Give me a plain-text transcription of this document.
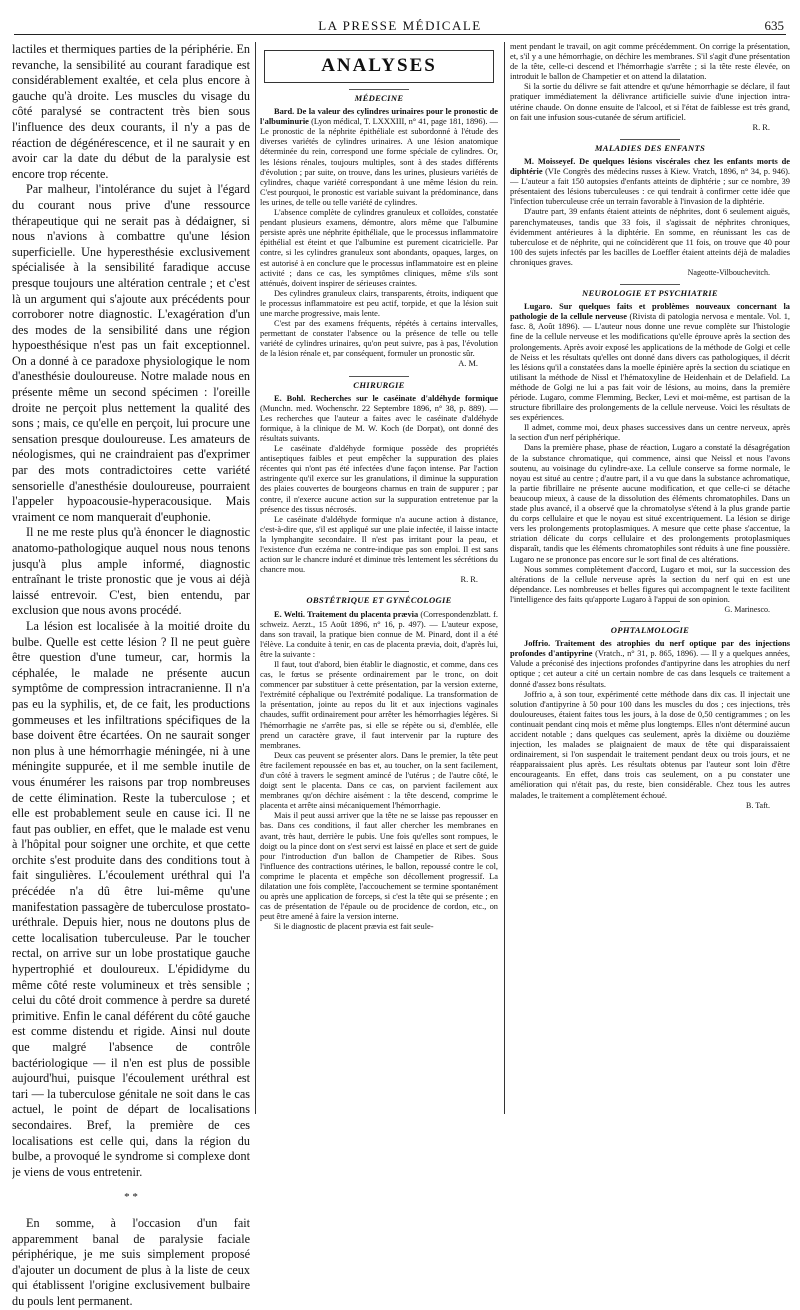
LA PRESSE MÉDICALE	635

lactiles et thermiques parties de la périphérie. En revanche, la sensibilité au courant faradique est considérablement exaltée, et cela plus encore à gauche qu'à droite. Les muscles du visage du côté paralysé se contractent très bien sous l'influence des deux courants, il n'y a pas de réaction de dégénérescence, et il ne saurait y en avoir car la date du début de la paralysie est encore trop récente.

Par malheur, l'intolérance du sujet à l'égard du courant nous prive d'une ressource thérapeutique qui ne serait pas à dédaigner, si nous n'avions à combattre qu'une lésion superficielle. Une hyperesthésie exclusivement spécialisée à la sensibilité faradique accuse presque toujours une altération centrale ; et c'est là un argument qui s'ajoute aux précédents pour corroborer notre diagnostic. L'exagération d'un des modes de la sensibilité dans une région hypoesthésique n'est pas un fait exceptionnel. On a donné à ce paradoxe physiologique le nom d'anesthésie douloureuse. Notre malade nous en présente même un second spécimen : l'oreille droite ne perçoit plus nettement la qualité des sons ; mais, ce qu'elle en perçoit, lui procure une sensation presque douloureuse. Les amateurs de néologismes, qui ne craindraient pas d'exprimer par des mots contradictoires cette variété sensorielle d'anesthésie douloureuse, pourraient l'appeler hypoacousie-hyperacousique. Mais vraiment ce nom manquerait d'euphonie.

Il ne me reste plus qu'à énoncer le diagnostic anatomo-pathologique auquel nous nous tenons jusqu'à plus ample informé, diagnostic entraînant le triste pronostic que je vous ai déjà laissé entrevoir. C'est, bien entendu, par exclusion que nous avons procédé.

La lésion est localisée à la moitié droite du bulbe. Quelle est cette lésion ? Il ne peut guère être question d'une tumeur, car, hormis la céphalée, le malade ne présente aucun symptôme de compression intracranienne. Il n'a pas eu la syphilis, et, de ce fait, les productions gommeuses et les infiltrations spécifiques de la base doivent être écartées. On ne saurait songer non plus à une hémorrhagie méningée, ni à une méningite suppurée, et il me semble inutile de vous énumérer les raisons par trop nombreuses de cette élimination. Reste la tuberculose ; et elle est probablement seule en cause ici. Il ne faut pas oublier, en effet, que le malade est venu à l'hôpital pour soigner une orchite, et que cette orchite s'est produite dans des conditions tout à fait singulières. L'écoulement uréthral qui l'a précédée n'a dû être lui-même qu'une manifestation passagère de tuberculose prostato-uréthrale. Depuis hier, nous ne doutons plus de cette localisation tuberculeuse. Par le toucher rectal, on arrive sur un lobe prostatique gauche hypertrophié et douloureux. L'épididyme du même côté reste volumineux et très sensible ; celui du côté droit commence à perdre sa dureté primitive. Enfin le canal déférent du côté gauche est comme distendu et rigide. Ainsi nul doute que malgré l'absence de contrôle bactériologique — il n'en est plus de possible aujourd'hui, puisque l'écoulement uréthral est tari — la tuberculose génitale ne soit dans le cas actuel, le point de départ de localisations secondaires. Bref, la première de ces localisations est celle qui, dans la région du bulbe, a provoqué le syndrome si complexe dont je viens de vous entretenir.

* *

En somme, à l'occasion d'un fait apparemment banal de paralysie faciale périphérique, je me suis simplement proposé d'ajouter un document de plus à la liste de ceux qui établissent l'origine exclusivement bulbaire du pouls lent permanent.

ANALYSES
MÉDECINE

Bard. De la valeur des cylindres urinaires pour le pronostic de l'albuminurie (Lyon médical, T. LXXXIII, n° 41, page 181, 1896). — Le pronostic de la néphrite épithéliale est subordonné à l'étude des diverses variétés de cylindres urinaires. A une lésion anatomique déterminée du rein, correspond une forme spéciale de cylindres. Or, les lésions rénales, toujours multiples, sont à des stades différents d'évolution ; par suite, on trouve, dans les urines, plusieurs variétés de cylindres, chaque variété correspondant à une même lésion du rein. C'est pourquoi, le pronostic est variable suivant la prédominance, dans les urines, de telle ou telle variété de cylindres.

L'absence complète de cylindres granuleux et colloïdes, constatée pendant plusieurs examens, démontre, alors même que l'albumine persiste après une néphrite épithéliale, que le processus inflammatoire épithélial est éteint et que l'albumine est purement cicatricielle. Par contre, si les cylindres granuleux sont abondants, opaques, larges, on est autorisé à en conclure que le processus inflammatoire est en pleine activité ; dans ce cas, les symptômes cliniques, même s'ils sont atténués, doivent inspirer de sérieuses craintes.

Des cylindres granuleux clairs, transparents, étroits, indiquent que le processus inflammatoire est peu actif, torpide, et que la lésion suit une marche progressive, mais lente.

C'est par des examens fréquents, répétés à certains intervalles, permettant de constater l'absence ou la présence de telle ou telle variété de cylindres urinaires, qu'on peut suivre, pas à pas, l'évolution de la lésion rénale et, par conséquent, formuler un pronostic sûr.

A. M.
CHIRURGIE

E. Bohl. Recherches sur le caséinate d'aldéhyde formique (Munchn. med. Wochenschr. 22 Septembre 1896, n° 38, p. 889). — Les recherches que l'auteur a faites avec le caséinate d'aldéhyde formique, à la clinique de M. W. Koch (de Dorpat), ont donné des résultats suivants.

Le caséinate d'aldéhyde formique possède des propriétés antiseptiques faibles et peut empêcher la suppuration des plaies récentes qui n'ont pas été infectées d'une façon intense. Par l'action astringente qu'il exerce sur les granulations, il diminue la suppuration des plaies couvertes de bourgeons charnus en train de suppurer ; par contre, il n'exerce aucune action sur la suppuration entretenue par la présence des tissus nécrosés.

Le caséinate d'aldéhyde formique n'a aucune action à distance, c'est-à-dire que, s'il est appliqué sur une plaie infectée, il laisse intacte la lymphangite secondaire. Il n'est pas irritant pour la peau, et l'existence d'un eczéma ne contre-indique pas son emploi. Il est sans action sur le chancre induré et diminue très lentement les sécrétions du chancre mou.

R. R.
OBSTÉTRIQUE ET GYNÉCOLOGIE

E. Welti. Traitement du placenta prævia (Correspondenzblatt. f. schweiz. Aerzt., 15 Août 1896, n° 16, p. 497). — L'auteur expose, dans son travail, la pratique bien connue de M. Pinard, dont il a été l'élève. La conduite à tenir, en cas de placenta prævia, doit, d'après lui, être la suivante :

Il faut, tout d'abord, bien établir le diagnostic, et comme, dans ces cas, le fœtus se présente ordinairement par le tronc, on doit commencer par substituer à cette présentation, par la version externe, l'extrémité céphalique ou l'extrémité podalique. La transformation de la présentation, jointe au repos du lit et aux injections vaginales chaudes, suffit ordinairement pour arrêter les hémorrhagies légères. Si l'hémorrhagie ne s'arrête pas, si elle se répète ou si, d'emblée, elle prend un caractère grave, il faut intervenir par la rupture des membranes.

Deux cas peuvent se présenter alors. Dans le premier, la tête peut être facilement repoussée en bas et, au toucher, on la sent facilement, d'un côté à travers le segment amincé de l'utérus ; de l'autre côté, le doigt sent le placenta. Dans ce cas, on parvient facilement aux membranes qu'on déchire aisément : la tête descend, comprime le placenta et arrête ainsi mécaniquement l'hémorrhagie.

Mais il peut aussi arriver que la tête ne se laisse pas repousser en bas. Dans ces conditions, il faut aller chercher les membranes en avant, très haut, derrière le pubis. Une fois qu'elles sont rompues, le doigt ou la pince dont on s'est servi est laissé en place et sert de guide pour l'introduction d'un ballon de Champetier de Ribes. Sous l'influence des contractions utérines, le ballon, repoussé contre le col, comprime le placenta et empêche son décollement progressif. La dilatation une fois complète, l'accouchement se termine spontanément ou après une application de forceps, si c'est la tête qui se présente ; en cas de présentation de l'épaule ou de procidence de cordon, etc., on peut être amené à faire la version interne.

Si le diagnostic de placent prævia est fait seule-

ment pendant le travail, on agit comme précédemment. On corrige la présentation, et, s'il y a une hémorrhagie, on déchire les membranes. S'il s'agit d'une présentation de la tête, celle-ci descend et l'hémorrhagie s'arrête ; si la tête reste élevée, on introduit le ballon de Champetier et on attend la dilatation.

Si la sortie du délivre se fait attendre et qu'une hémorrhagie se déclare, il faut pratiquer immédiatement la délivrance artificielle suivie d'une injection intra-utérine chaude. On donne ensuite de l'alcool, et si l'état de faiblesse est très grand, on fait une infusion sous-cutanée de sérum artificiel.

R. R.
MALADIES DES ENFANTS

M. Moisseyef. De quelques lésions viscérales chez les enfants morts de diphtérie (VIe Congrès des médecins russes à Kiew. Vratch, 1896, n° 34, p. 946). — L'auteur a fait 150 autopsies d'enfants atteints de diphtérie ; sur ce nombre, 39 présentaient des lésions tuberculeuses : ce qui tendrait à confirmer cette idée que l'infection tuberculeuse crée un terrain favorable à l'invasion de la diphtérie.

D'autre part, 39 enfants étaient atteints de néphrites, dont 6 seulement aiguës, parenchymateuses, tandis que 33 fois, il s'agissait de néphrites chroniques, évidemment antérieures à la diphtérie. En somme, en réunissant les cas de tuberculose et de néphrite, qui ne coïncidèrent que 11 fois, on trouve que 40 pour 100 des sujets infectés par les bacilles de Loeffler étaient atteints déjà de maladies chroniques graves.

Nageotte-Vilbouchevitch.
NEUROLOGIE ET PSYCHIATRIE

Lugaro. Sur quelques faits et problèmes nouveaux concernant la pathologie de la cellule nerveuse (Rivista di patologia nervosa e mentale. Vol. 1, fasc. 8, Août 1896). — L'auteur nous donne une revue complète sur l'histologie fine de la cellule nerveuse et les modifications qu'elle éprouve après la section des prolongements. Après avoir exposé les applications de la méthode de Golgi et celle de Neiss et les résultats qu'elles ont donné dans divers cas pathologiques, il décrit les lésions qu'il a constatées dans la moelle épinière après la section du sciatique en utilisant la méthode de Nissl et l'hématoxyline de Heidenhain et de Delafield. La méthode de Golgi ne lui a pas fait voir de lésions, au moins, dans la première période. Lugaro, comme Flemming, Becker, Levi et moi-même, est partisan de la structure fibrillaire des prolongements de la cellule nerveuse. Voici les résultats de ses expériences.

Il admet, comme moi, deux phases successives dans un centre nerveux, après la section d'un nerf périphérique.

Dans la première phase, phase de réaction, Lugaro a constaté la désagrégation de la substance chromatique, qui commence, ainsi que Neissl et nous l'avons soutenu, au voisinage du cylindre-axe. La cellule conserve sa forme normale, le noyau est situé au centre ; d'autre part, il a vu que dans la substance achromatique, la partie fibrillaire ne présente aucune modification, et que celle-ci se détache beaucoup mieux, à cause de la dissolution des éléments chromatophiles. Dans un stade plus avancé, il a observé que la chromatolyse s'étend à la plus grande partie du corps cellulaire et que le noyau est situé excentriquement. La lésion se dirige vers les prolongements protoplasmiques. A mesure que cette phase s'accentue, la striation délicate du corps cellulaire et des prolongements protoplasmiques disparaît, tandis que les éléments chromatophiles sont réduits à une fine poussière. Lugaro ne se prononce pas encore sur le sort final de ces altérations.

Nous sommes complètement d'accord, Lugaro et moi, sur la succession des altérations de la cellule nerveuse après la section du nerf qui en est une dépendance. Les nombreuses et belles figures qui accompagnent le texte facilitent l'intelligence des faits qu'apporte Lugaro à l'appui de son opinion.

G. Marinesco.
OPHTALMOLOGIE

Joffrio. Traitement des atrophies du nerf optique par des injections profondes d'antipyrine (Vratch., n° 31, p. 865, 1896). — Il y a quelques années, Valude a préconisé des injections profondes d'antipyrine dans les atrophies du nerf optique ; cet auteur a cité un certain nombre de cas dans lesquels ce traitement a donné d'assez bons résultats.

Joffrio a, à son tour, expérimenté cette méthode dans dix cas. Il injectait une solution d'antipyrine à 50 pour 100 dans les muscles du dos ; ces injections, très douloureuses, étaient faites tous les jours, à la dose de 0,50 centigrammes ; on les continuait pendant cinq mois et même plus longtemps. Elles n'ont déterminé aucun accident notable ; dans quelques cas seulement, après la dixième ou douzième injection, les malades se plaignaient de maux de tête qui disparaissaient ordinairement, si l'on suspendait le traitement pendant deux ou trois jours, et ne réapparaissaient plus après. Les résultats obtenus par l'auteur sont loin d'être encourageants. En effet, dans trois cas seulement, on a pu constater une amélioration qui n'était pas, du reste, bien considérable. Chez tous les autres malades, le traitement a complètement échoué.

B. Taft.
